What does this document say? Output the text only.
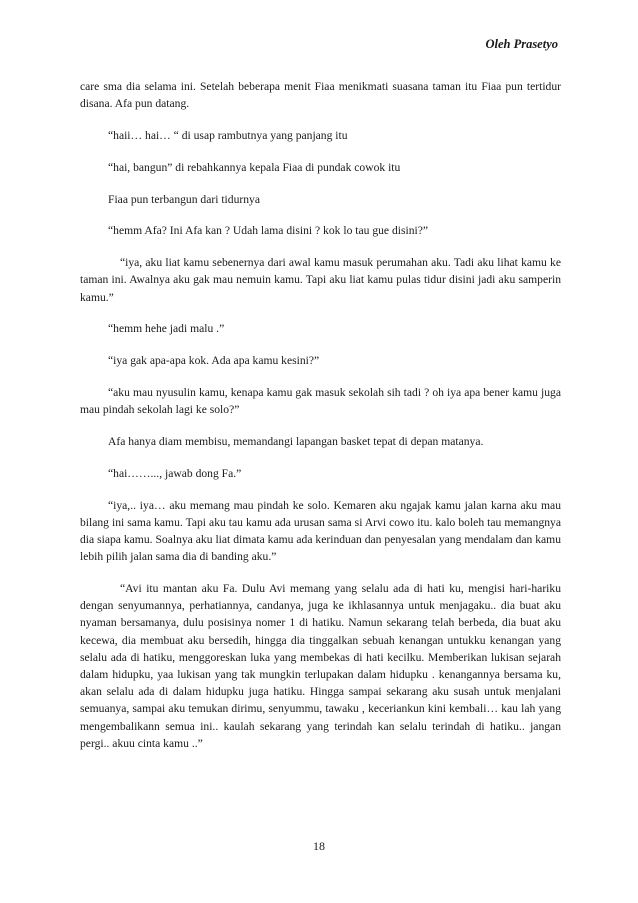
Oleh Prasetyo

care sma dia selama ini. Setelah beberapa menit Fiaa menikmati suasana taman itu Fiaa pun tertidur disana. Afa pun datang.

“haii… hai… “ di usap rambutnya yang panjang itu

“hai, bangun” di rebahkannya kepala Fiaa di pundak cowok itu

Fiaa pun terbangun dari tidurnya

“hemm Afa? Ini Afa kan ? Udah lama disini ? kok lo tau gue disini?”

“iya, aku liat kamu sebenernya dari awal kamu masuk perumahan aku. Tadi aku lihat kamu ke taman ini. Awalnya aku gak mau nemuin kamu. Tapi aku liat kamu pulas tidur disini jadi aku samperin kamu.”

“hemm hehe jadi malu .”

“iya gak apa-apa kok. Ada apa kamu kesini?”

“aku mau nyusulin kamu, kenapa kamu gak masuk sekolah sih tadi ? oh iya apa bener kamu juga mau pindah sekolah lagi ke solo?”

Afa hanya diam membisu, memandangi lapangan basket tepat di depan matanya.

“hai……..., jawab dong Fa.”

“iya,.. iya… aku memang mau pindah ke solo. Kemaren aku ngajak kamu jalan karna aku mau bilang ini sama kamu. Tapi aku tau kamu ada urusan sama si Arvi cowo itu. kalo boleh tau memangnya dia siapa kamu. Soalnya aku liat dimata kamu ada kerinduan dan penyesalan yang mendalam dan kamu lebih pilih jalan sama dia di banding aku.”

“Avi itu mantan aku Fa. Dulu Avi memang yang selalu ada di hati ku, mengisi hari-hariku dengan senyumannya, perhatiannya, candanya, juga ke ikhlasannya untuk menjagaku.. dia buat aku nyaman bersamanya, dulu posisinya nomer 1 di hatiku. Namun sekarang telah berbeda, dia buat aku kecewa, dia membuat aku bersedih, hingga dia tinggalkan sebuah kenangan untukku kenangan yang selalu ada di hatiku, menggoreskan luka yang membekas di hati kecilku. Memberikan lukisan sejarah dalam hidupku, yaa lukisan yang tak mungkin terlupakan dalam hidupku . kenangannya bersama ku, akan selalu ada di dalam hidupku juga hatiku. Hingga sampai sekarang aku susah untuk menjalani semuanya, sampai aku temukan dirimu, senyummu, tawaku , keceriankun kini kembali… kau lah yang mengembalikann semua ini.. kaulah sekarang yang terindah kan selalu terindah di hatiku.. jangan pergi.. akuu cinta kamu ..”

18
